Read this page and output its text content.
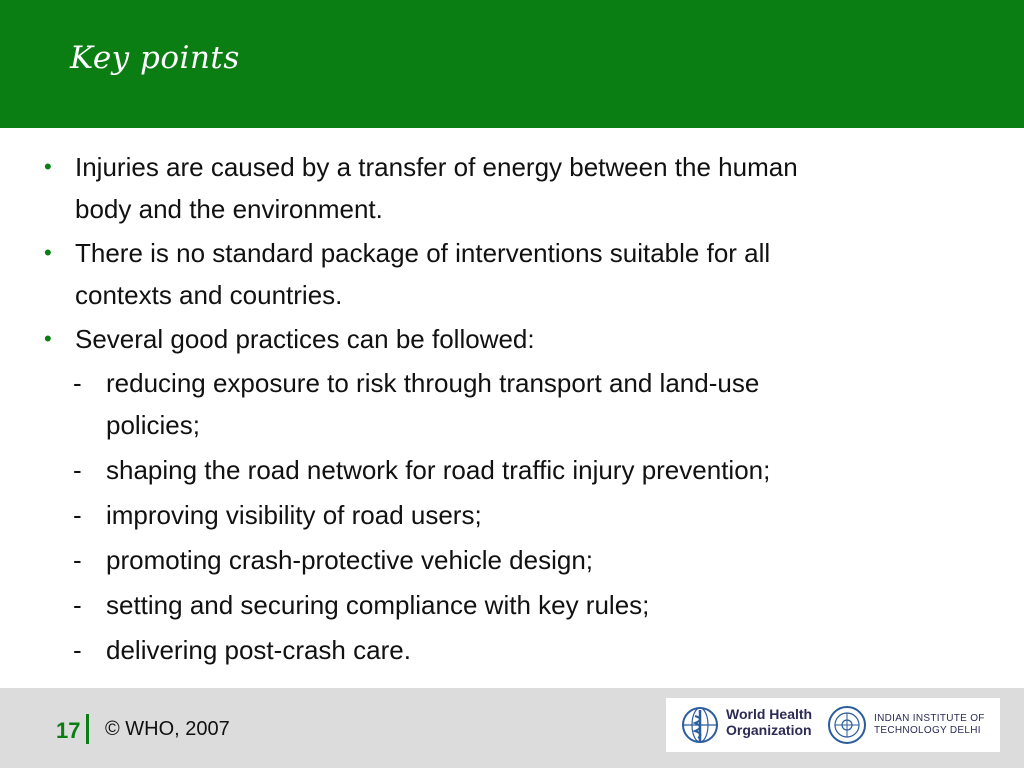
Key points
• Injuries are caused by a transfer of energy between the human
body and the environment.
• There is no standard package of interventions suitable for all
contexts and countries.
• Several good practices can be followed:
- reducing exposure to risk through transport and land-use
policies;
- shaping the road network for road traffic injury prevention;
- improving visibility of road users;
- promoting crash-protective vehicle design;
- setting and securing compliance with key rules;
- delivering post-crash care.
17 © WHO, 2007
World Health
Organization
INDIAN INSTITUTE OF
TECHNOLOGY DELHI
